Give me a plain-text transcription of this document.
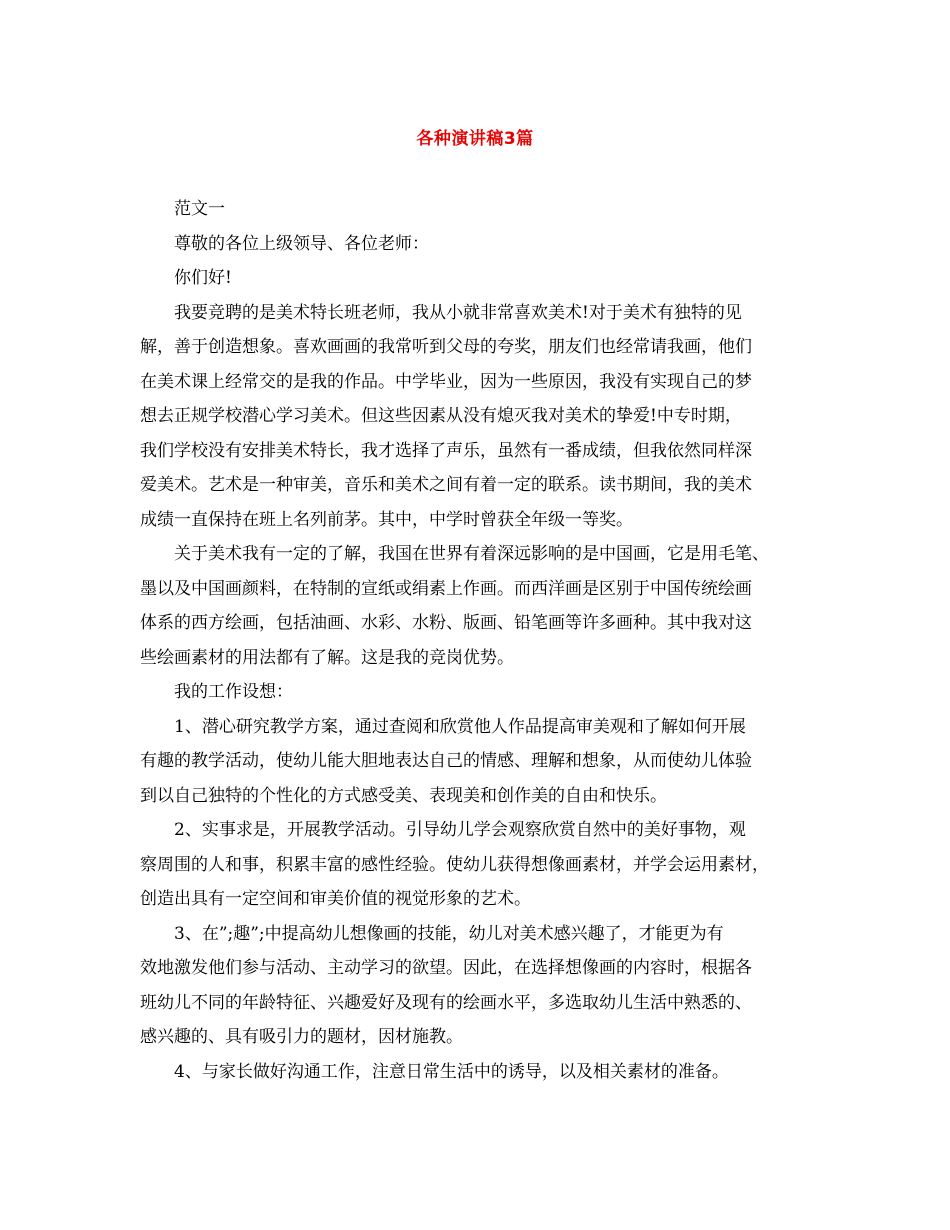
各种演讲稿3篇
范文一
尊敬的各位上级领导、各位老师：
你们好!
我要竞聘的是美术特长班老师，我从小就非常喜欢美术!对于美术有独特的见
解，善于创造想象。喜欢画画的我常听到父母的夸奖，朋友们也经常请我画，他们
在美术课上经常交的是我的作品。中学毕业，因为一些原因，我没有实现自己的梦
想去正规学校潜心学习美术。但这些因素从没有熄灭我对美术的挚爱!中专时期，
我们学校没有安排美术特长，我才选择了声乐，虽然有一番成绩，但我依然同样深
爱美术。艺术是一种审美，音乐和美术之间有着一定的联系。读书期间，我的美术
成绩一直保持在班上名列前茅。其中，中学时曾获全年级一等奖。
关于美术我有一定的了解，我国在世界有着深远影响的是中国画，它是用毛笔、
墨以及中国画颜料，在特制的宣纸或绢素上作画。而西洋画是区别于中国传统绘画
体系的西方绘画，包括油画、水彩、水粉、版画、铅笔画等许多画种。其中我对这
些绘画素材的用法都有了解。这是我的竞岗优势。
我的工作设想：
1、潜心研究教学方案，通过查阅和欣赏他人作品提高审美观和了解如何开展
有趣的教学活动，使幼儿能大胆地表达自己的情感、理解和想象，从而使幼儿体验
到以自己独特的个性化的方式感受美、表现美和创作美的自由和快乐。
2、实事求是，开展教学活动。引导幼儿学会观察欣赏自然中的美好事物，观
察周围的人和事，积累丰富的感性经验。使幼儿获得想像画素材，并学会运用素材，
创造出具有一定空间和审美价值的视觉形象的艺术。
3、在”;趣”;中提高幼儿想像画的技能，幼儿对美术感兴趣了，才能更为有
效地激发他们参与活动、主动学习的欲望。因此，在选择想像画的内容时，根据各
班幼儿不同的年龄特征、兴趣爱好及现有的绘画水平，多选取幼儿生活中熟悉的、
感兴趣的、具有吸引力的题材，因材施教。
4、与家长做好沟通工作，注意日常生活中的诱导，以及相关素材的准备。
